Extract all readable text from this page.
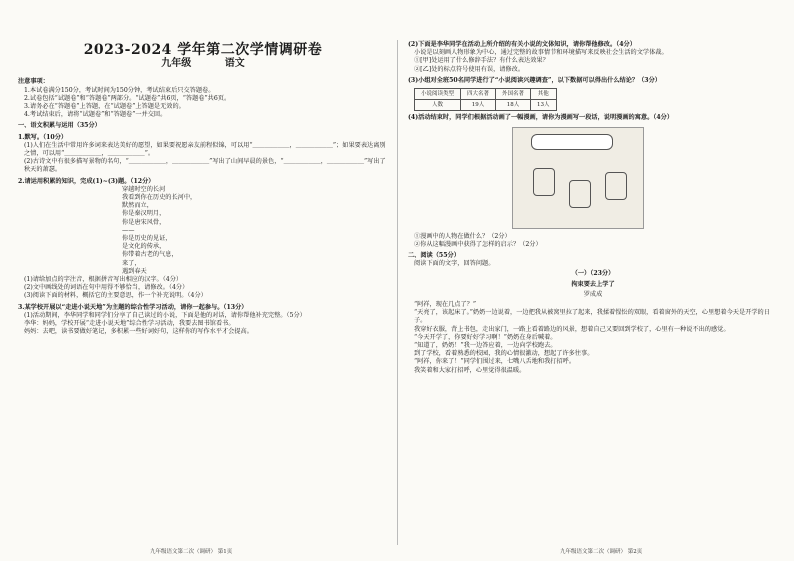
2023-2024 学年第二次学情调研卷
九年级	语文
注意事项：

1.本试卷满分150分，考试时间为150分钟，考试结束后只交答题卷。

2.试卷包括“试题卷”和“答题卷”两部分。“试题卷”共6页，“答题卷”共6页。

3.请务必在“答题卷”上答题，在“试题卷”上答题是无效的。

4.考试结束后，请将“试题卷”和“答题卷”一并交回。

一、语文积累与运用（35分）
1.默写。（10分）

(1)人们在生活中常用许多词来表达美好的愿望，如果要祝愿亲友前程似锦，可以用“＿＿＿＿＿＿，＿＿＿＿＿＿”；如果要表达离别之情，可以用“＿＿＿＿＿＿，＿＿＿＿＿＿”。

(2)古诗文中有很多描写景物的名句，“＿＿＿＿＿＿，＿＿＿＿＿＿”写出了山间早晨的景色，“＿＿＿＿＿＿，＿＿＿＿＿＿”写出了秋天的萧瑟。

2.请运用积累的知识，完成(1)~(3)题。（12分）

穿越时空的长河

我看到你在历史的长河中，

默然而立，

你是秦汉明月，

你是唐宋风骨，

——

你是历史的见证，

是文化的传承，

你带着古老的气息，

来了，

遇到春天

(1)请给加点的字注音，根据拼音写出相应的汉字。（4分）

(2)文中画线处的词语在句中用得不够恰当，请修改。（4分）

(3)阅读下面的材料，概括它的主要意思，作一个补充说明。（4分）

3.某学校开展以“走进小说天地”为主题的综合性学习活动，请你一起参与。（13分）

(1)活动期间，李华同学和同学们分享了自己读过的小说，下面是他的对话，请你帮他补充完整。（5分）

李华：妈妈，学校开展“走进小说天地”综合性学习活动，我要去图书馆看书。

妈妈：去吧，读书要做好笔记，多积累一些好词好句，这样你的写作水平才会提高。

九年级语文第二次（调研） 第1页
(2)下面是李华同学在活动上所介绍的有关小说的文体知识，请你帮他修改。（4分）

小说是以刻画人物形象为中心，通过完整的故事情节和环境描写来反映社会生活的文学体裁。

①[甲]处运用了什么修辞手法？有什么表达效果？

②[乙]处的标点符号使用有误，请修改。

(3)小组对全班50名同学进行了“小说阅读兴趣调查”，以下数据可以得出什么结论？（3分）
小说阅读类型	四大名著	外国名著	其他
人数	19人	18人	13人
(4)活动结束时，同学们根据活动画了一幅漫画，请你为漫画写一段话，说明漫画的寓意。（4分）

①漫画中的人物在做什么？（2分）

②你从这幅漫画中获得了怎样的启示？（2分）

二、阅读（55分）

阅读下面的文字，回答问题。

（一）（23分）
拘束要去上学了
罗成成

“阿祥，现在几点了？”

“天亮了，该起床了。”奶奶一边说着，一边把我从被窝里拉了起来，我揉着惺忪的双眼，看着窗外的天空，心里想着今天是开学的日子。

我穿好衣服，背上书包，走出家门，一路上看着路边的风景，想着自己又要回到学校了，心里有一种说不出的感觉。

“今天开学了，你要好好学习啊！”奶奶在身后喊着。

“知道了，奶奶！”我一边答应着，一边向学校跑去。

到了学校，看着熟悉的校园，我的心情很激动，想起了许多往事。

“阿祥，你来了！”同学们围过来，七嘴八舌地和我打招呼。

我笑着和大家打招呼，心里觉得很温暖。

九年级语文第二次（调研） 第2页
